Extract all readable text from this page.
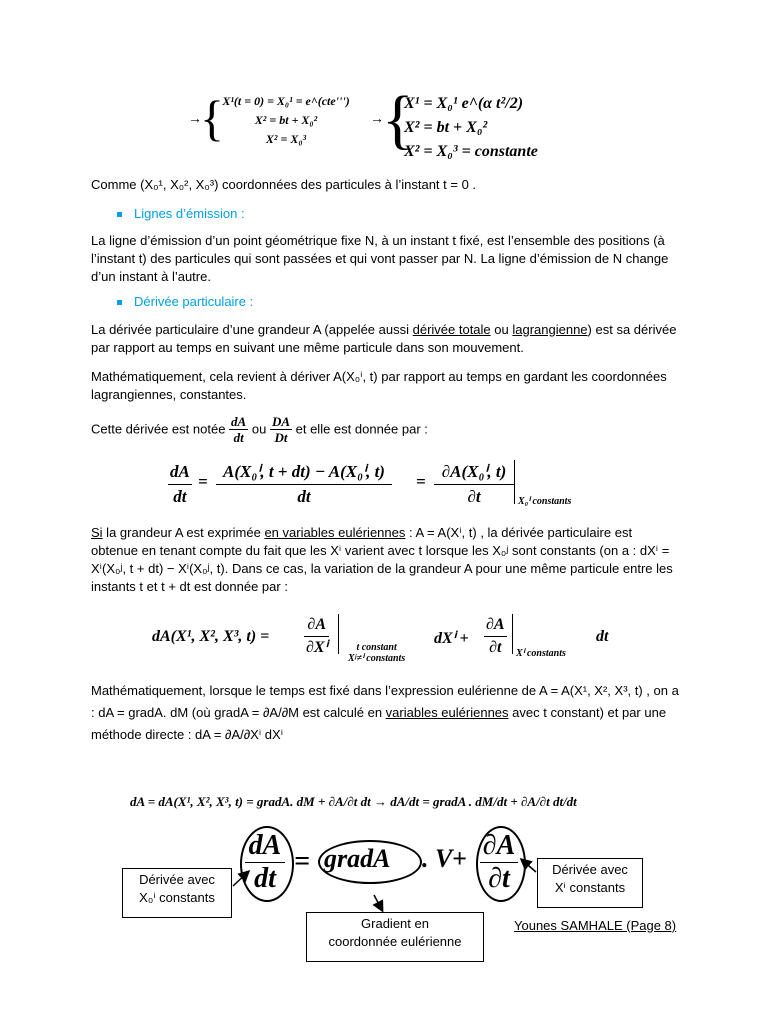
→
{
X¹(t = 0) = X₀¹ = e^(cte''')
X² = bt + X₀²
X² = X₀³
→
{
X¹ = X₀¹ e^(α t²/2)
X² = bt + X₀²
X² = X₀³ = constante
Comme (X₀¹, X₀², X₀³) coordonnées des particules à l’instant t = 0 .
Lignes d’émission :
La ligne d’émission d’un point géométrique fixe N, à un instant t fixé, est l’ensemble des positions (à l’instant t) des particules qui sont passées et qui vont passer par N. La ligne d’émission de N change d’un instant à l’autre.
Dérivée particulaire :
La dérivée particulaire d’une grandeur A (appelée aussi dérivée totale ou lagrangienne) est sa dérivée par rapport au temps en suivant une même particule dans son mouvement.
Mathématiquement, cela revient à dériver A(X₀ⁱ, t) par rapport au temps en gardant les coordonnées lagrangiennes, constantes.
Cette dérivée est notée $\frac{dA}{dt}$ ou $\frac{DA}{Dt}$ et elle est donnée par :
$\frac{dA}{dt} = \frac{\text{A(X₀ⁱ, t + dt) − A(X₀ⁱ, t)}}{dt} = \frac{\text{∂A(X₀ⁱ, t)}}{\partial t} X_0^i$ constants
Si la grandeur A est exprimée en variables eulériennes : A = A(Xⁱ, t) , la dérivée particulaire est obtenue en tenant compte du fait que les Xⁱ varient avec t lorsque les X₀ʲ sont constants (on a : dXⁱ = Xⁱ(X₀ʲ, t + dt) − Xⁱ(X₀ʲ, t). Dans ce cas, la variation de la grandeur A pour une même particule entre les instants t et t + dt est donnée par :
dA(X¹, X², X³, $t) = \frac{\partial A}{\text{∂Xⁱ}}$	t constant
Xʲ≠ⁱ constants
$dX^i + \frac{\partial A}{\partial t}$ Xⁱ constants
dt
Mathématiquement, lorsque le temps est fixé dans l’expression eulérienne de A = A(X¹, X², X³, t) , on a : dA = gradA. dM (où gradA = ∂A/∂M est calculé en variables eulériennes avec t constant) et par une méthode directe : dA = ∂A/∂Xⁱ dXⁱ
dA = dA(X¹, X², X³, t) = gradA. dM + ∂A/∂t dt → dA/dt = gradA . dM/dt + ∂A/∂t dt/dt
$\frac{dA}{dt}$ = gradA . $V + \frac{\partial A}{\partial t}$
Dérivée avec
X₀ⁱ constants
Dérivée avec
Xⁱ constants
Gradient en
coordonnée eulérienne
Younes SAMHALE (Page 8)
